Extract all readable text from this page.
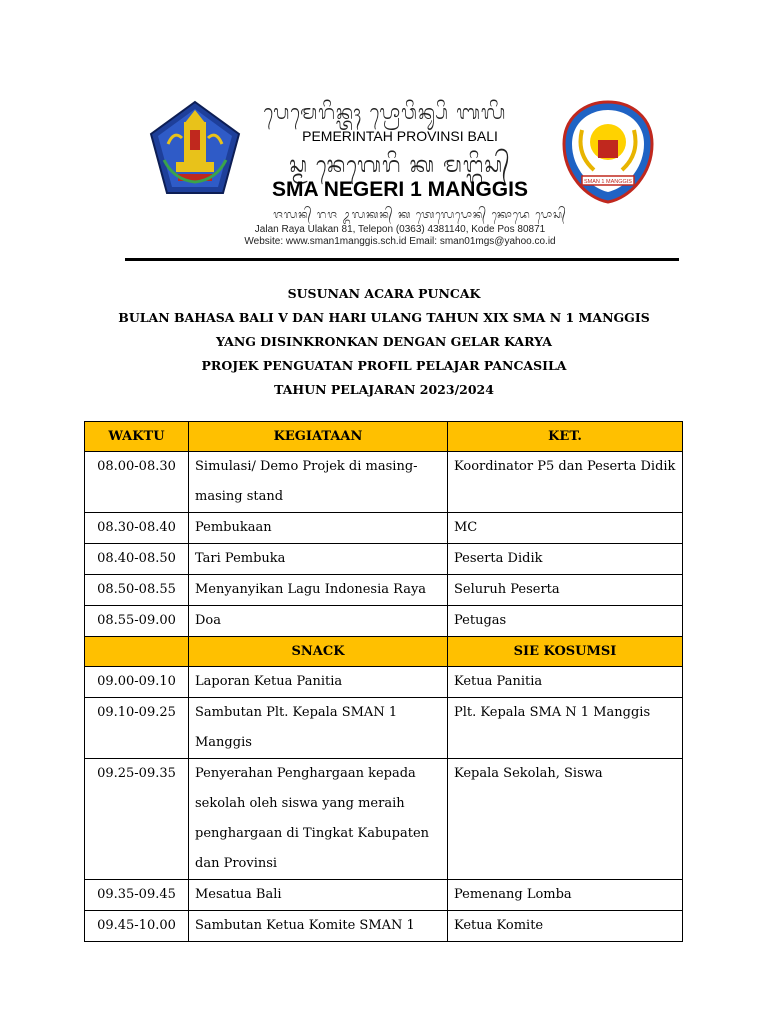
ᬧᬾᬫᬾᬭᬶᬦ᭄ᬢᬄ ᬧ᭄ᬭᭀᬯᬶᬦ᭄ᬲᬶ ᬩᬮᬶ
PEMERINTAH PROVINSI BALI
ᬲ᭄ᬫ ᬦᬾᬕᬾᬭᬶ ᬓ ᬫᬗ᭄ᬕᬶᬲ᭄
SMA NEGERI 1 MANGGIS
ᬚᬮᬦ᭄ ᬭᬚ ᬉᬮᬓᬦ᭄ ᬓ ᬢᬾᬮᬾᬧᭀᬦ᭄ ᬓᭀᬤᬾ ᬧᭀᬲ᭄
Jalan Raya Ulakan 81, Telepon (0363) 4381140, Kode Pos 80871
Website: www.sman1manggis.sch.id Email: sman01mgs@yahoo.co.id
SMAN 1 MANGGIS
SUSUNAN ACARA PUNCAK
BULAN BAHASA BALI V DAN HARI ULANG TAHUN XIX SMA N 1 MANGGIS
YANG DISINKRONKAN DENGAN GELAR KARYA
PROJEK PENGUATAN PROFIL PELAJAR PANCASILA
TAHUN PELAJARAN 2023/2024
WAKTU	KEGIATAAN	KET.
08.00-08.30	Simulasi/ Demo Projek di masing-
masing stand	Koordinator P5 dan Peserta Didik
08.30-08.40	Pembukaan	MC
08.40-08.50	Tari Pembuka	Peserta Didik
08.50-08.55	Menyanyikan Lagu Indonesia Raya	Seluruh Peserta
08.55-09.00	Doa	Petugas
	SNACK	SIE KOSUMSI
09.00-09.10	Laporan Ketua Panitia	Ketua Panitia
09.10-09.25	Sambutan Plt. Kepala SMAN 1
Manggis	Plt. Kepala SMA N 1 Manggis
09.25-09.35	Penyerahan Penghargaan kepada
sekolah oleh siswa yang meraih
penghargaan di Tingkat Kabupaten
dan Provinsi	Kepala Sekolah, Siswa
09.35-09.45	Mesatua Bali	Pemenang Lomba
09.45-10.00	Sambutan Ketua Komite SMAN 1	Ketua Komite
